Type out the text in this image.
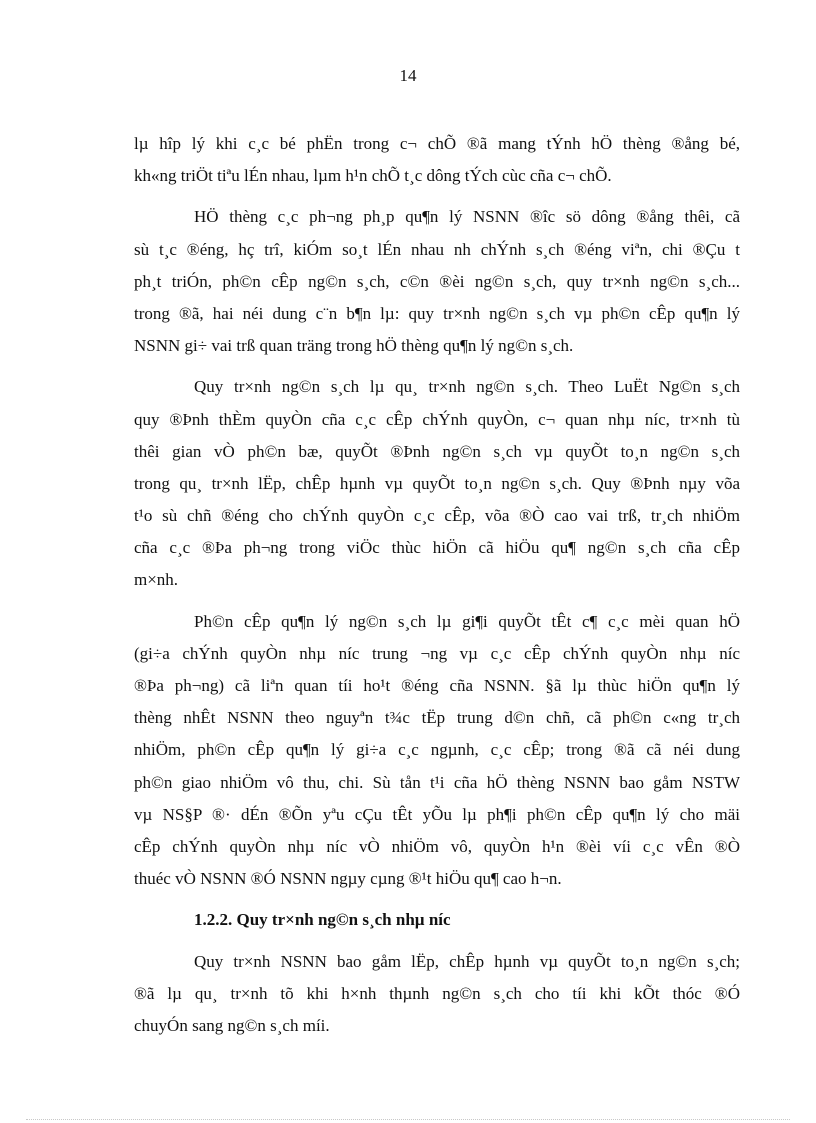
14
lµ hîp lý khi c¸c bé phËn trong c¬ chÕ ®ã mang tÝnh hÖ thèng ®ång bé,
kh«ng triÖt tiªu lÉn nhau, lµm h¹n chÕ t¸c dông tÝch cùc cña c¬ chÕ.
HÖ thèng c¸c ph¬ng ph¸p qu¶n lý NSNN ®îc sö dông ®ång thêi, cã
sù t¸c ®éng, hç trî, kiÓm so¸t lÉn nhau nh chÝnh s¸ch ®éng viªn, chi ®Çu t
ph¸t triÓn, ph©n cÊp ng©n s¸ch, c©n ®èi ng©n s¸ch, quy tr×nh ng©n s¸ch...
trong ®ã, hai néi dung c¨n b¶n lµ: quy tr×nh ng©n s¸ch vµ ph©n cÊp qu¶n lý
NSNN gi÷ vai trß quan träng trong hÖ thèng qu¶n lý ng©n s¸ch.
Quy tr×nh ng©n s¸ch lµ qu¸ tr×nh ng©n s¸ch. Theo LuËt Ng©n s¸ch
quy ®Þnh thÈm quyÒn cña c¸c cÊp chÝnh quyÒn, c¬ quan nhµ níc, tr×nh tù
thêi gian vÒ ph©n bæ, quyÕt ®Þnh ng©n s¸ch vµ quyÕt to¸n ng©n s¸ch
trong qu¸ tr×nh lËp, chÊp hµnh vµ quyÕt to¸n ng©n s¸ch. Quy ®Þnh nµy võa
t¹o sù chñ ®éng cho chÝnh quyÒn c¸c cÊp, võa ®Ò cao vai trß, tr¸ch nhiÖm
cña c¸c ®Þa ph¬ng trong viÖc thùc hiÖn cã hiÖu qu¶ ng©n s¸ch cña cÊp
m×nh.
Ph©n cÊp qu¶n lý ng©n s¸ch lµ gi¶i quyÕt tÊt c¶ c¸c mèi quan hÖ
(gi÷a chÝnh quyÒn nhµ níc trung ¬ng vµ c¸c cÊp chÝnh quyÒn nhµ níc
®Þa ph¬ng) cã liªn quan tíi ho¹t ®éng cña NSNN. §ã lµ thùc hiÖn qu¶n lý
thèng nhÊt NSNN theo nguyªn t¾c tËp trung d©n chñ, cã ph©n c«ng tr¸ch
nhiÖm, ph©n cÊp qu¶n lý gi÷a c¸c ngµnh, c¸c cÊp; trong ®ã cã néi dung
ph©n giao nhiÖm vô thu, chi. Sù tån t¹i cña hÖ thèng NSNN bao gåm NSTW
vµ NS§P ®· dÉn ®Õn yªu cÇu tÊt yÕu lµ ph¶i ph©n cÊp qu¶n lý cho mäi
cÊp chÝnh quyÒn nhµ níc vÒ nhiÖm vô, quyÒn h¹n ®èi víi c¸c vÊn ®Ò
thuéc vÒ NSNN ®Ó NSNN ngµy cµng ®¹t hiÖu qu¶ cao h¬n.
1.2.2. Quy tr×nh ng©n s¸ch nhµ níc
Quy tr×nh NSNN bao gåm lËp, chÊp hµnh vµ quyÕt to¸n ng©n s¸ch;
®ã lµ qu¸ tr×nh tõ khi h×nh thµnh ng©n s¸ch cho tíi khi kÕt thóc ®Ó
chuyÓn sang ng©n s¸ch míi.
